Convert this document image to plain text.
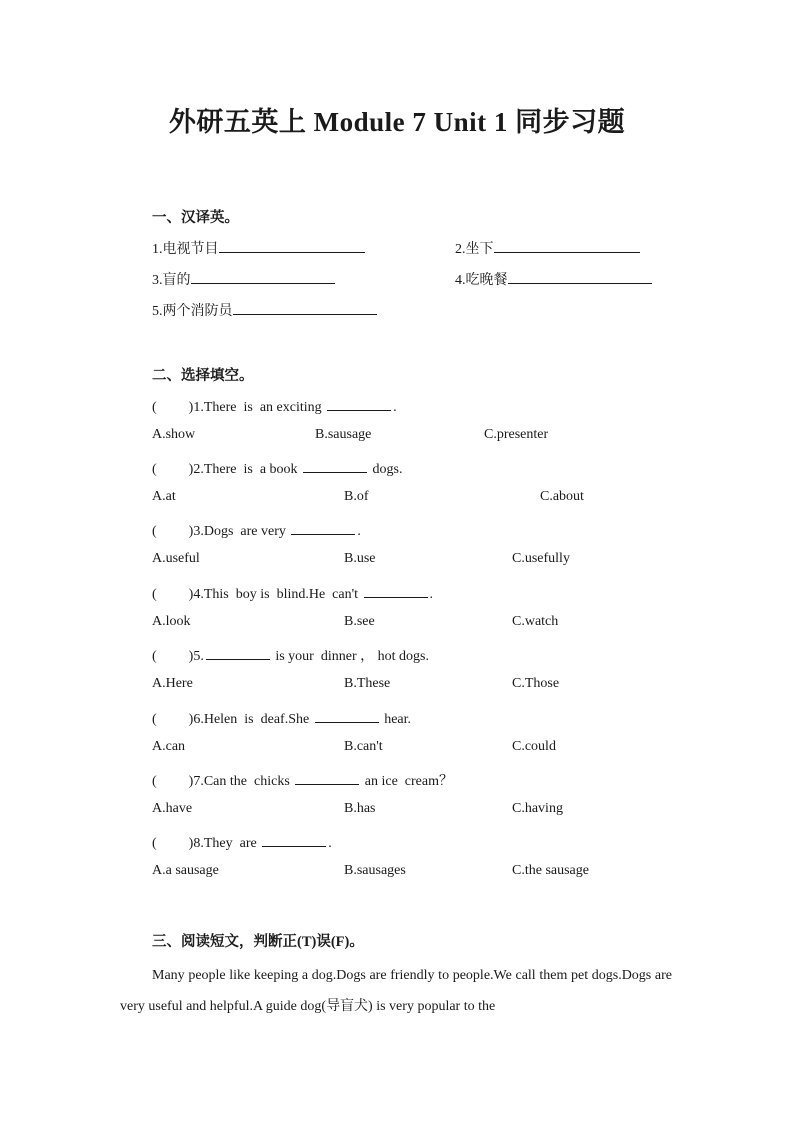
外研五英上 Module 7 Unit 1 同步习题
一、汉译英。
1.电视节目	2.坐下
3.盲的	4.吃晚餐
5.两个消防员
二、选择填空。
( )1.There  is  an exciting	.
A.show	B.sausage	C.presenter
( )2.There  is  a book	dogs.
A.at	B.of	C.about
( )3.Dogs  are very	.
A.useful	B.use	C.usefully
( )4.This  boy is  blind.He  can't	.
A.look	B.see	C.watch
( )5.	is your  dinner ， hot dogs.
A.Here	B.These	C.Those
( )6.Helen  is  deaf.She	hear.
A.can	B.can't	C.could
( )7.Can the  chicks	an ice  cream？
A.have	B.has	C.having
( )8.They  are	.
A.a sausage	B.sausages	C.the sausage
三、阅读短文，判断正(T)误(F)。
Many people like keeping a dog.Dogs are friendly to people.We call them pet dogs.Dogs are very useful and helpful.A guide dog(导盲犬) is very popular to the
